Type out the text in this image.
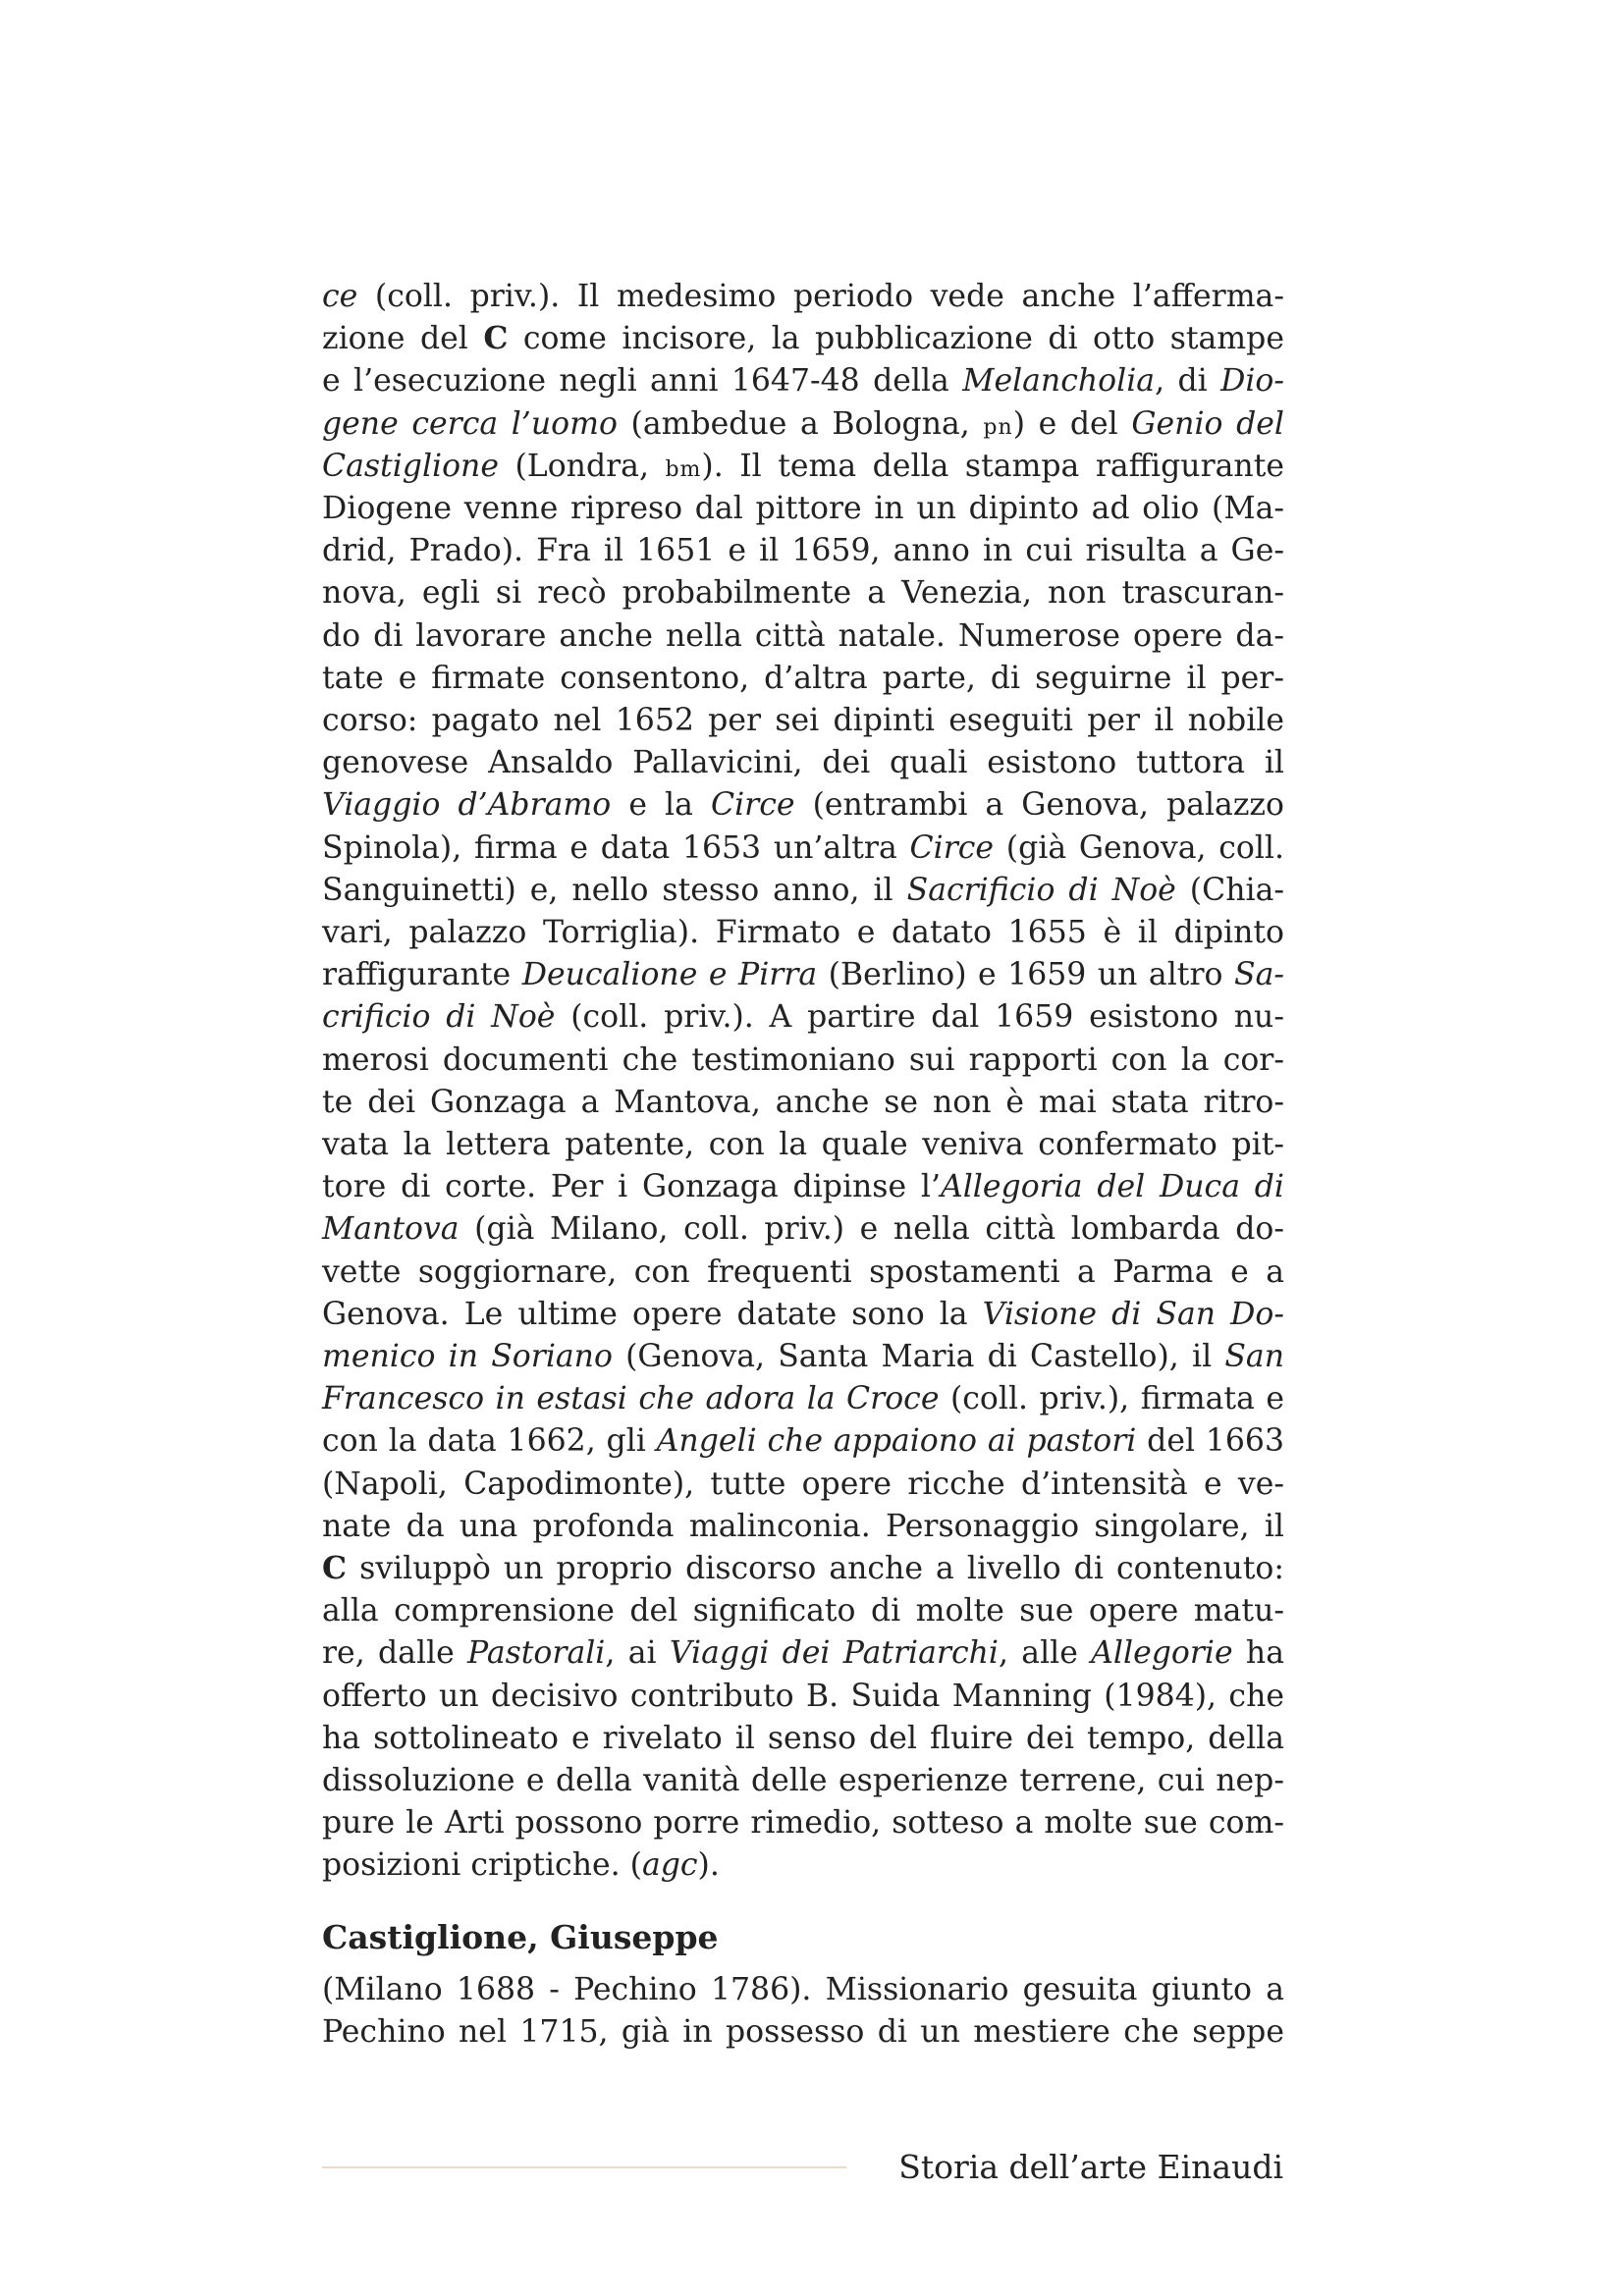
ce (coll. priv.). Il medesimo periodo vede anche l’afferma-
zione del C come incisore, la pubblicazione di otto stampe
e l’esecuzione negli anni 1647-48 della Melancholia, di Dio-
gene cerca l’uomo (ambedue a Bologna, pn) e del Genio del
Castiglione (Londra, bm). Il tema della stampa raffigurante
Diogene venne ripreso dal pittore in un dipinto ad olio (Ma-
drid, Prado). Fra il 1651 e il 1659, anno in cui risulta a Ge-
nova, egli si recò probabilmente a Venezia, non trascuran-
do di lavorare anche nella città natale. Numerose opere da-
tate e firmate consentono, d’altra parte, di seguirne il per-
corso: pagato nel 1652 per sei dipinti eseguiti per il nobile
genovese Ansaldo Pallavicini, dei quali esistono tuttora il
Viaggio d’Abramo e la Circe (entrambi a Genova, palazzo
Spinola), firma e data 1653 un’altra Circe (già Genova, coll.
Sanguinetti) e, nello stesso anno, il Sacrificio di Noè (Chia-
vari, palazzo Torriglia). Firmato e datato 1655 è il dipinto
raffigurante Deucalione e Pirra (Berlino) e 1659 un altro Sa-
crificio di Noè (coll. priv.). A partire dal 1659 esistono nu-
merosi documenti che testimoniano sui rapporti con la cor-
te dei Gonzaga a Mantova, anche se non è mai stata ritro-
vata la lettera patente, con la quale veniva confermato pit-
tore di corte. Per i Gonzaga dipinse l’Allegoria del Duca di
Mantova (già Milano, coll. priv.) e nella città lombarda do-
vette soggiornare, con frequenti spostamenti a Parma e a
Genova. Le ultime opere datate sono la Visione di San Do-
menico in Soriano (Genova, Santa Maria di Castello), il San
Francesco in estasi che adora la Croce (coll. priv.), firmata e
con la data 1662, gli Angeli che appaiono ai pastori del 1663
(Napoli, Capodimonte), tutte opere ricche d’intensità e ve-
nate da una profonda malinconia. Personaggio singolare, il
C sviluppò un proprio discorso anche a livello di contenuto:
alla comprensione del significato di molte sue opere matu-
re, dalle Pastorali, ai Viaggi dei Patriarchi, alle Allegorie ha
offerto un decisivo contributo B. Suida Manning (1984), che
ha sottolineato e rivelato il senso del fluire dei tempo, della
dissoluzione e della vanità delle esperienze terrene, cui nep-
pure le Arti possono porre rimedio, sotteso a molte sue com-
posizioni criptiche. (agc).
Castiglione, Giuseppe
(Milano 1688 - Pechino 1786). Missionario gesuita giunto a
Pechino nel 1715, già in possesso di un mestiere che seppe
Storia dell’arte Einaudi
